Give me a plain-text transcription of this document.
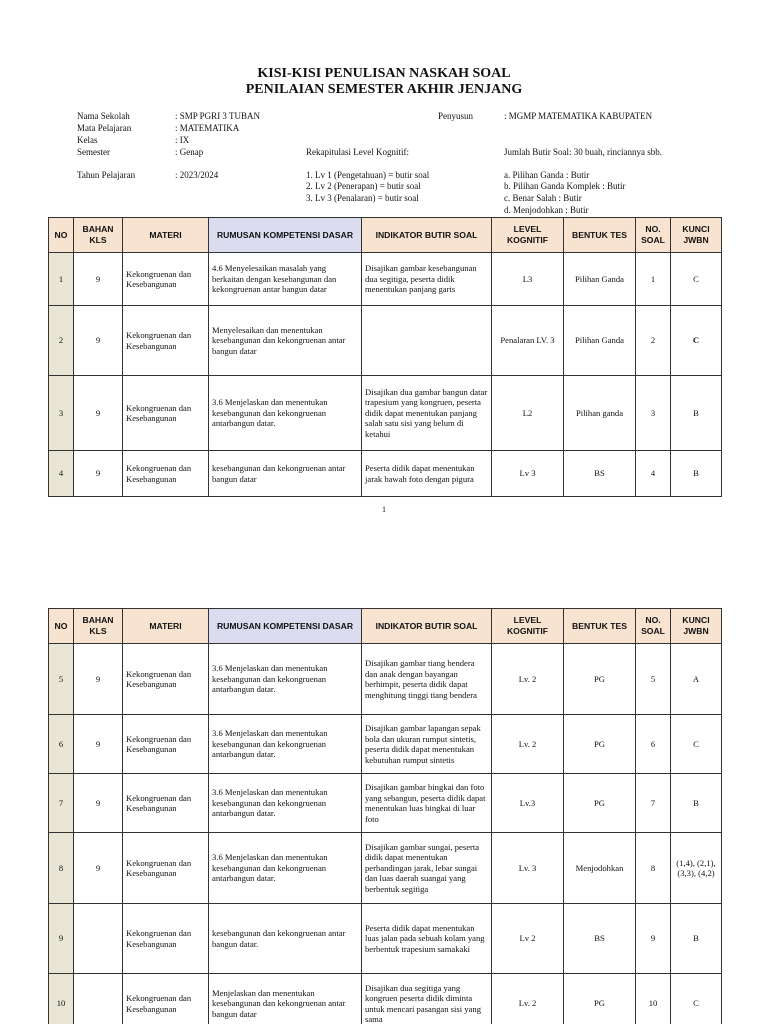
KISI-KISI PENULISAN NASKAH SOAL
PENILAIAN SEMESTER AKHIR JENJANG
Nama Sekolah	: SMP PGRI 3 TUBAN
Mata Pelajaran	: MATEMATIKA
Kelas	: IX
Semester	: Genap
Tahun Pelajaran	: 2023/2024
Penyusun	: MGMP MATEMATIKA KABUPATEN
Rekapitulasi Level Kognitif:	Jumlah Butir Soal: 30 buah, rinciannya sbb.
1. Lv 1 (Pengetahuan) = butir soal
2. Lv 2 (Penerapan) = butir soal
3. Lv 3 (Penalaran) = butir soal
a. Pilihan Ganda : Butir
b. Pilihan Ganda Komplek : Butir
c. Benar Salah : Butir
d. Menjodohkan : Butir
NO	BAHAN KLS	MATERI	RUMUSAN KOMPETENSI DASAR	INDIKATOR BUTIR SOAL	LEVEL KOGNITIF	BENTUK TES	NO. SOAL	KUNCI JWBN
1	9	Kekongruenan dan Kesebangunan	4.6 Menyelesaikan masalah yang berkaitan dengan kesebangunan dan kekongruenan antar bangun datar	Disajikan gambar kesebangunan dua segitiga, peserta didik menentukan panjang garis	L3	Pilihan Ganda	1	C
2	9	Kekongruenan dan Kesebangunan	Menyelesaikan dan menentukan kesebangunan dan kekongruenan antar bangun datar		Penalaran LV. 3	Pilihan Ganda	2	C
3	9	Kekongruenan dan Kesebangunan	3.6 Menjelaskan dan menentukan kesebangunan dan kekongruenan antarbangun datar.	Disajikan dua gambar bangun datar trapesium yang kongruen, peserta didik dapat menentukan panjang salah satu sisi yang belum di ketahui	L2	Pilihan ganda	3	B
4	9	Kekongruenan dan Kesebangunan	kesebangunan dan kekongruenan antar bangun datar	Peserta didik dapat menentukan jarak bawah foto dengan pigura	Lv 3	BS	4	B
1
NO	BAHAN KLS	MATERI	RUMUSAN KOMPETENSI DASAR	INDIKATOR BUTIR SOAL	LEVEL KOGNITIF	BENTUK TES	NO. SOAL	KUNCI JWBN
5	9	Kekongruenan dan Kesebangunan	3.6 Menjelaskan dan menentukan kesebangunan dan kekongruenan antarbangun datar.	Disajikan gambar tiang bendera dan anak dengan bayangan berhimpit, peserta didik dapat menghitung tinggi tiang bendera	Lv. 2	PG	5	A
6	9	Kekongruenan dan Kesebangunan	3.6 Menjelaskan dan menentukan kesebangunan dan kekongruenan antarbangun datar.	Disajikan gambar lapangan sepak bola dan ukuran rumput sintetis, peserta didik dapat menentukan kebutuhan rumput sintetis	Lv. 2	PG	6	C
7	9	Kekongruenan dan Kesebangunan	3.6 Menjelaskan dan menentukan kesebangunan dan kekongruenan antarbangun datar.	Disajikan gambar bingkai dan foto yang sebangun, peserta didik dapat menentukan luas bingkai di luar foto	Lv.3	PG	7	B
8	9	Kekongruenan dan Kesebangunan	3.6 Menjelaskan dan menentukan kesebangunan dan kekongruenan antarbangun datar.	Disajikan gambar sungai, peserta didik dapat menentukan perbandingan jarak, lebar sungai dan luas daerah suangai yang berbentuk segitiga	Lv. 3	Menjodohkan	8	(1,4), (2,1), (3,3), (4,2)
9		Kekongruenan dan Kesebangunan	kesebangunan dan kekongruenan antar bangun datar.	Peserta didik dapat menentukan luas jalan pada sebuah kolam yang berbentuk trapesium samakaki	Lv 2	BS	9	B
10		Kekongruenan dan Kesebangunan	Menjelaskan dan menentukan kesebangunan dan kekongruenan antar bangun datar	Disajikan dua segitiga yang kongruen peserta didik diminta untuk mencari pasangan sisi yang sama	Lv. 2	PG	10	C
